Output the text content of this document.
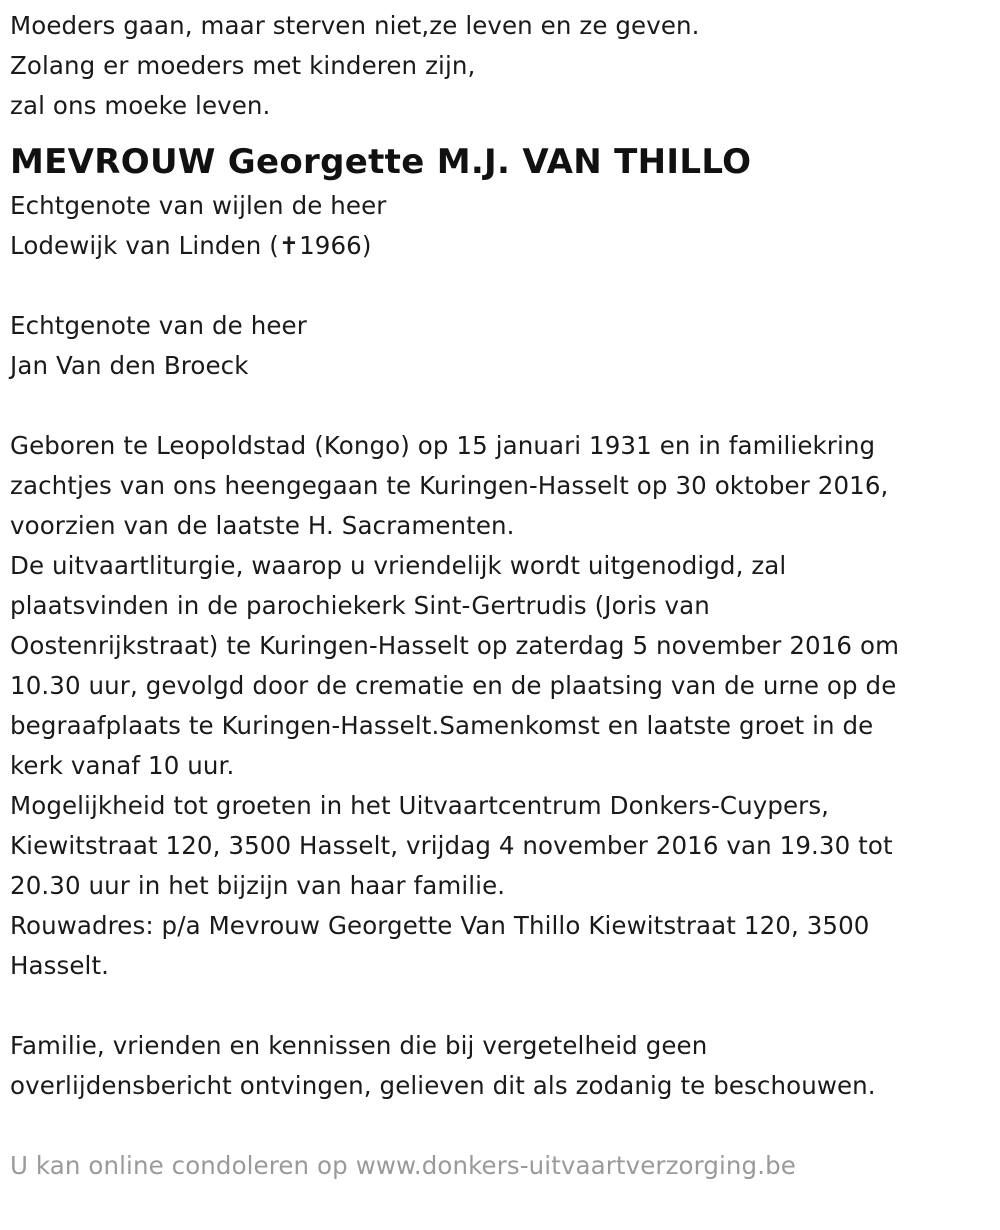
Moeders gaan, maar sterven niet,ze leven en ze geven.
Zolang er moeders met kinderen zijn,
zal ons moeke leven.
MEVROUW Georgette M.J. VAN THILLO
Echtgenote van wijlen de heer
Lodewijk van Linden (✝1966)
Echtgenote van de heer
Jan Van den Broeck
Geboren te Leopoldstad (Kongo) op 15 januari 1931 en in familiekring
zachtjes van ons heengegaan te Kuringen-Hasselt op 30 oktober 2016,
voorzien van de laatste H. Sacramenten.
De uitvaartliturgie, waarop u vriendelijk wordt uitgenodigd, zal
plaatsvinden in de parochiekerk Sint-Gertrudis (Joris van
Oostenrijkstraat) te Kuringen-Hasselt op zaterdag 5 november 2016 om
10.30 uur, gevolgd door de crematie en de plaatsing van de urne op de
begraafplaats te Kuringen-Hasselt.Samenkomst en laatste groet in de
kerk vanaf 10 uur.
Mogelijkheid tot groeten in het Uitvaartcentrum Donkers-Cuypers,
Kiewitstraat 120, 3500 Hasselt, vrijdag 4 november 2016 van 19.30 tot
20.30 uur in het bijzijn van haar familie.
Rouwadres: p/a Mevrouw Georgette Van Thillo Kiewitstraat 120, 3500
Hasselt.
Familie, vrienden en kennissen die bij vergetelheid geen
overlijdensbericht ontvingen, gelieven dit als zodanig te beschouwen.
U kan online condoleren op www.donkers-uitvaartverzorging.be
